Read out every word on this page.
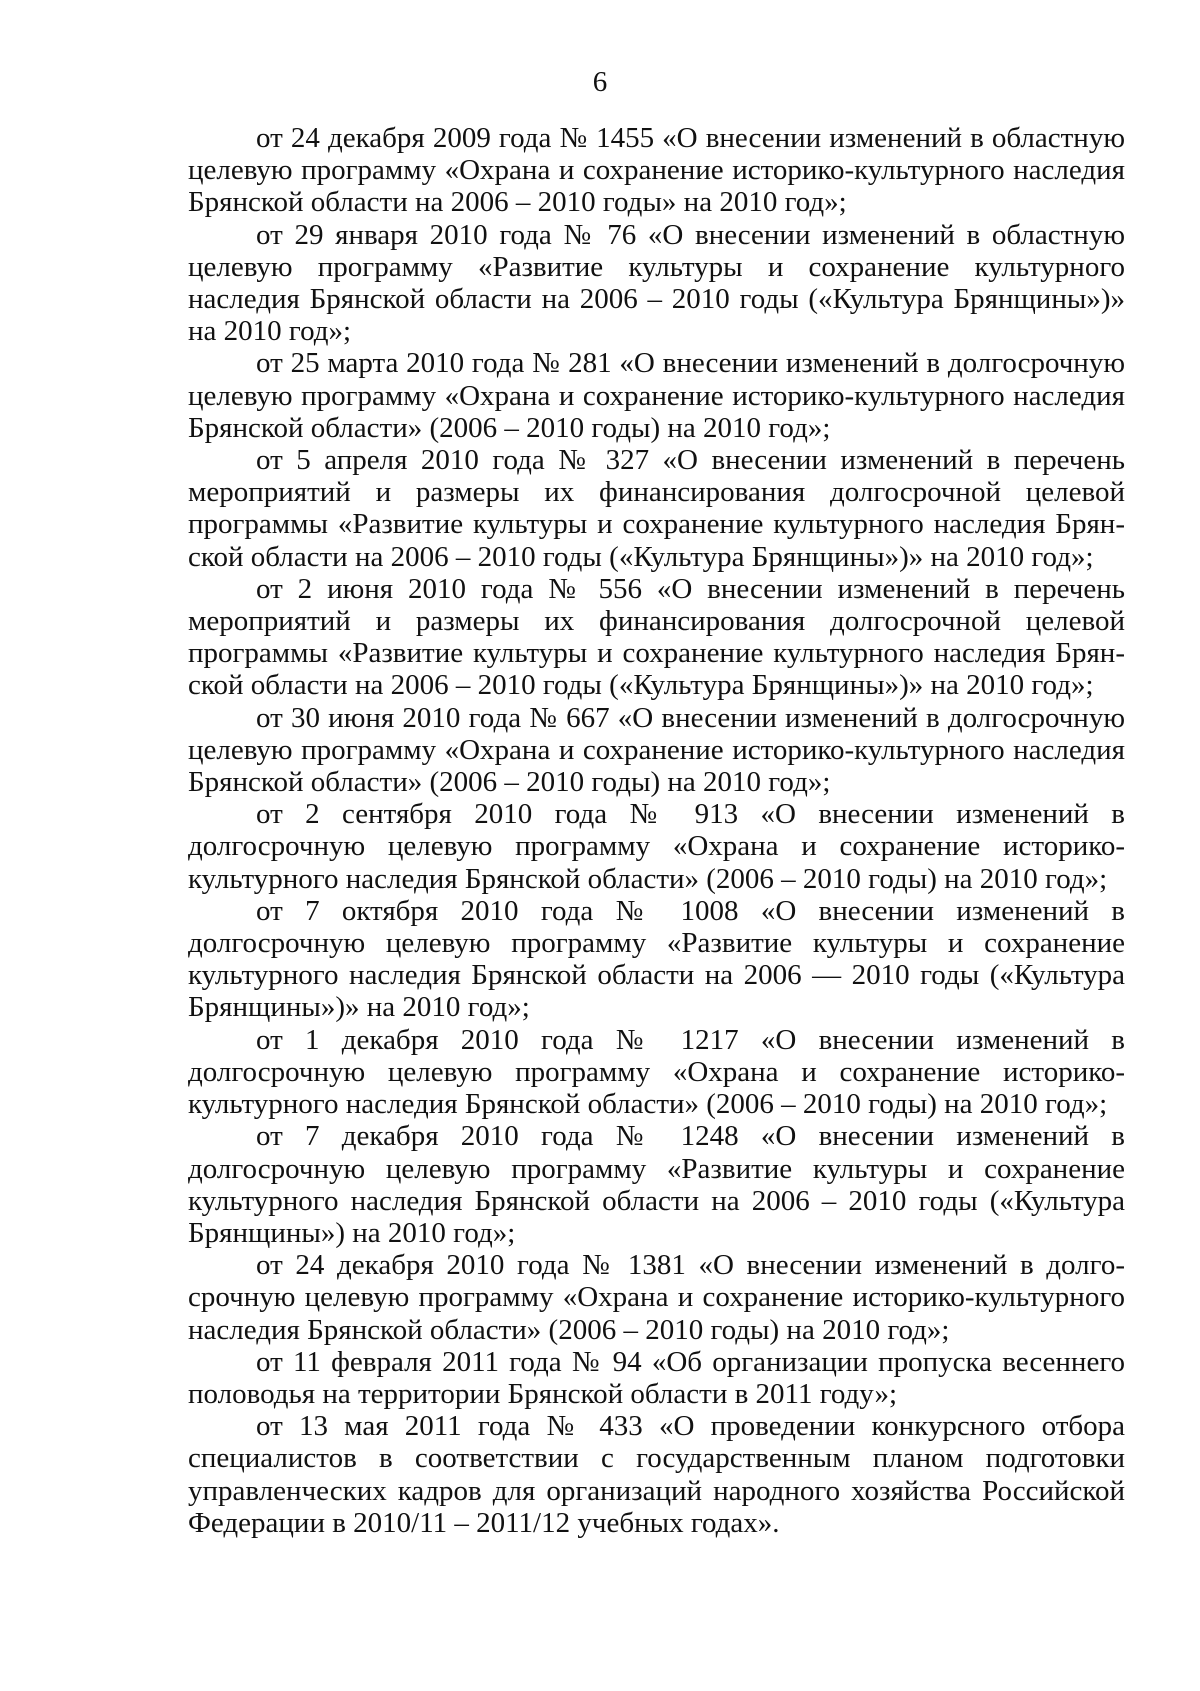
6

от 24 декабря 2009 года № 1455 «О внесении изменений в областную целевую программу «Охрана и сохранение историко-культурного наследия Брянской области на 2006 – 2010 годы» на 2010 год»;

от 29 января 2010 года № 76 «О внесении изменений в областную целевую программу «Развитие культуры и сохранение культурного наследия Брянской области на 2006 – 2010 годы («Культура Брянщины»)» на 2010 год»;

от 25 марта 2010 года № 281 «О внесении изменений в долгосрочную целевую программу «Охрана и сохранение историко-культурного наследия Брянской области» (2006 – 2010 годы) на 2010 год»;

от 5 апреля 2010 года № 327 «О внесении изменений в перечень мероприятий и размеры их финансирования долгосрочной целевой программы «Развитие культуры и сохранение культурного наследия Брянской области на 2006 – 2010 годы («Культура Брянщины»)» на 2010 год»;

от 2 июня 2010 года № 556 «О внесении изменений в перечень мероприятий и размеры их финансирования долгосрочной целевой программы «Развитие культуры и сохранение культурного наследия Брянской области на 2006 – 2010 годы («Культура Брянщины»)» на 2010 год»;

от 30 июня 2010 года № 667 «О внесении изменений в долгосрочную целевую программу «Охрана и сохранение историко-культурного наследия Брянской области» (2006 – 2010 годы) на 2010 год»;

от 2 сентября 2010 года № 913 «О внесении изменений в долгосрочную целевую программу «Охрана и сохранение историко-культурного наследия Брянской области» (2006 – 2010 годы) на 2010 год»;

от 7 октября 2010 года № 1008 «О внесении изменений в долгосрочную целевую программу «Развитие культуры и сохранение культурного наследия Брянской области на 2006 — 2010 годы («Культура Брянщины»)» на 2010 год»;

от 1 декабря 2010 года № 1217 «О внесении изменений в долгосрочную целевую программу «Охрана и сохранение историко-культурного наследия Брянской области» (2006 – 2010 годы) на 2010 год»;

от 7 декабря 2010 года № 1248 «О внесении изменений в долгосрочную целевую программу «Развитие культуры и сохранение культурного наследия Брянской области на 2006 – 2010 годы («Культура Брянщины») на 2010 год»;

от 24 декабря 2010 года № 1381 «О внесении изменений в долгосрочную целевую программу «Охрана и сохранение историко-культурного наследия Брянской области» (2006 – 2010 годы) на 2010 год»;

от 11 февраля 2011 года № 94 «Об организации пропуска весеннего половодья на территории Брянской области в 2011 году»;

от 13 мая 2011 года № 433 «О проведении конкурсного отбора специалистов в соответствии с государственным планом подготовки управленческих кадров для организаций народного хозяйства Российской Федерации в 2010/11 – 2011/12 учебных годах».
